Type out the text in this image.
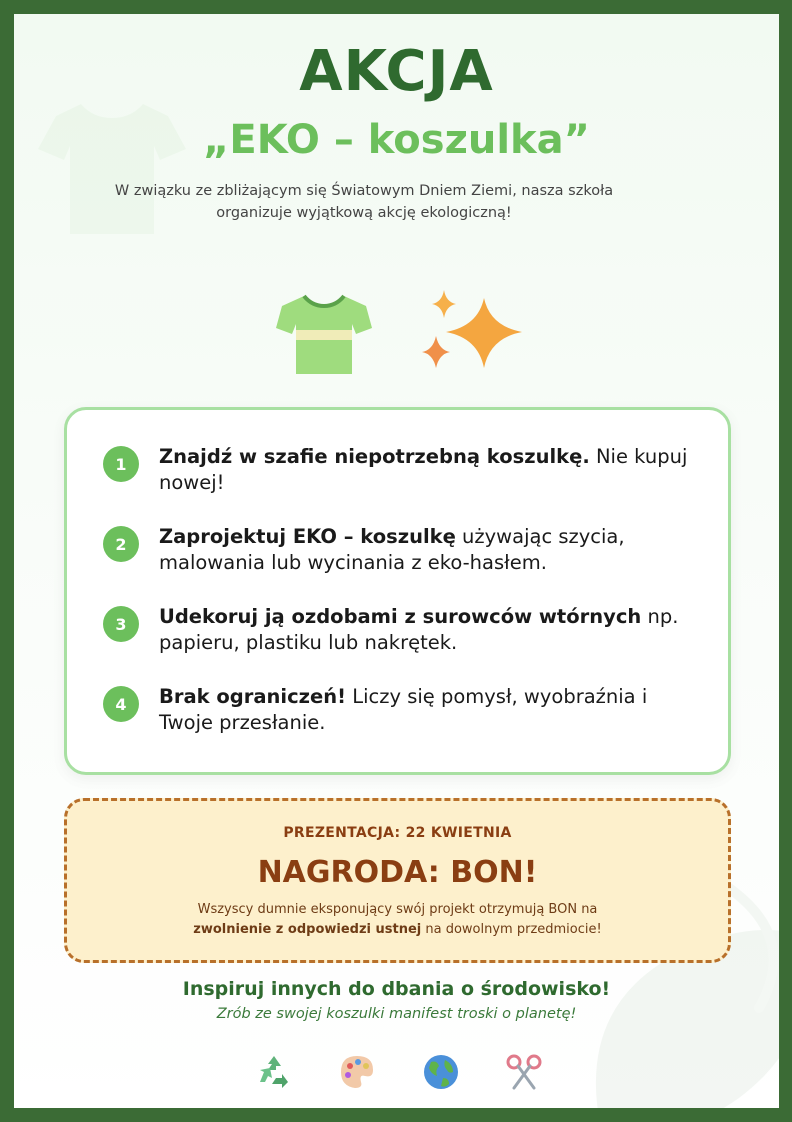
AKCJA
„EKO – koszulka”
W związku ze zbliżającym się Światowym Dniem Ziemi, nasza szkoła organizuje wyjątkową akcję ekologiczną!
1	Znajdź w szafie niepotrzebną koszulkę. Nie kupuj nowej!
2	Zaprojektuj EKO – koszulkę używając szycia, malowania lub wycinania z eko-hasłem.
3	Udekoruj ją ozdobami z surowców wtórnych np. papieru, plastiku lub nakrętek.
4	Brak ograniczeń! Liczy się pomysł, wyobraźnia i Twoje przesłanie.
PREZENTACJA: 22 KWIETNIA
NAGRODA: BON!
Wszyscy dumnie eksponujący swój projekt otrzymują BON na
zwolnienie z odpowiedzi ustnej na dowolnym przedmiocie!
Inspiruj innych do dbania o środowisko!
Zrób ze swojej koszulki manifest troski o planetę!
